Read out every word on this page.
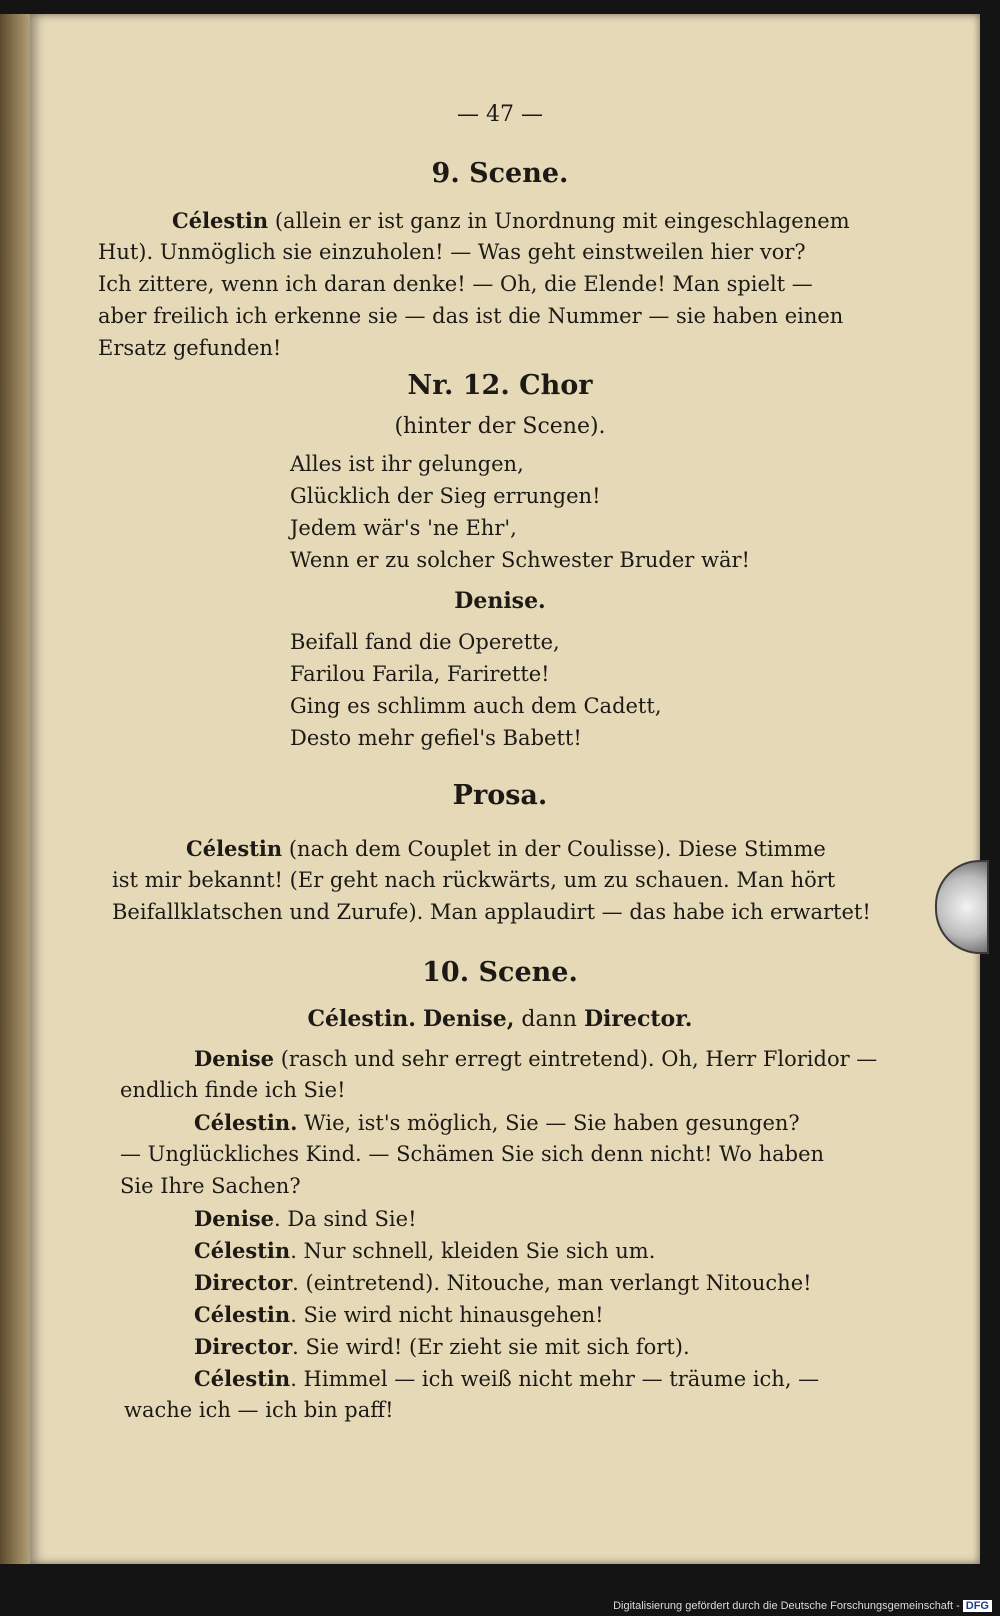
— 47 —
9. Scene.
Célestin (allein er ist ganz in Unordnung mit eingeschlagenem
Hut). Unmöglich sie einzuholen! — Was geht einstweilen hier vor?
Ich zittere, wenn ich daran denke! — Oh, die Elende! Man spielt —
aber freilich ich erkenne sie — das ist die Nummer — sie haben einen
Ersatz gefunden!
Nr. 12. Chor
(hinter der Scene).
Alles ist ihr gelungen,
Glücklich der Sieg errungen!
Jedem wär's 'ne Ehr',
Wenn er zu solcher Schwester Bruder wär!
Denise.
Beifall fand die Operette,
Farilou Farila, Farirette!
Ging es schlimm auch dem Cadett,
Desto mehr gefiel's Babett!
Prosa.
Célestin (nach dem Couplet in der Coulisse). Diese Stimme
ist mir bekannt! (Er geht nach rückwärts, um zu schauen. Man hört
Beifallklatschen und Zurufe). Man applaudirt — das habe ich erwartet!
10. Scene.
Célestin. Denise, dann Director.
Denise (rasch und sehr erregt eintretend). Oh, Herr Floridor —
endlich finde ich Sie!
Célestin. Wie, ist's möglich, Sie — Sie haben gesungen?
— Unglückliches Kind. — Schämen Sie sich denn nicht! Wo haben
Sie Ihre Sachen?
Denise. Da sind Sie!
Célestin. Nur schnell, kleiden Sie sich um.
Director. (eintretend). Nitouche, man verlangt Nitouche!
Célestin. Sie wird nicht hinausgehen!
Director. Sie wird! (Er zieht sie mit sich fort).
Célestin. Himmel — ich weiß nicht mehr — träume ich, —
wache ich — ich bin paff!
Digitalisierung gefördert durch die Deutsche Forschungsgemeinschaft - DFG
